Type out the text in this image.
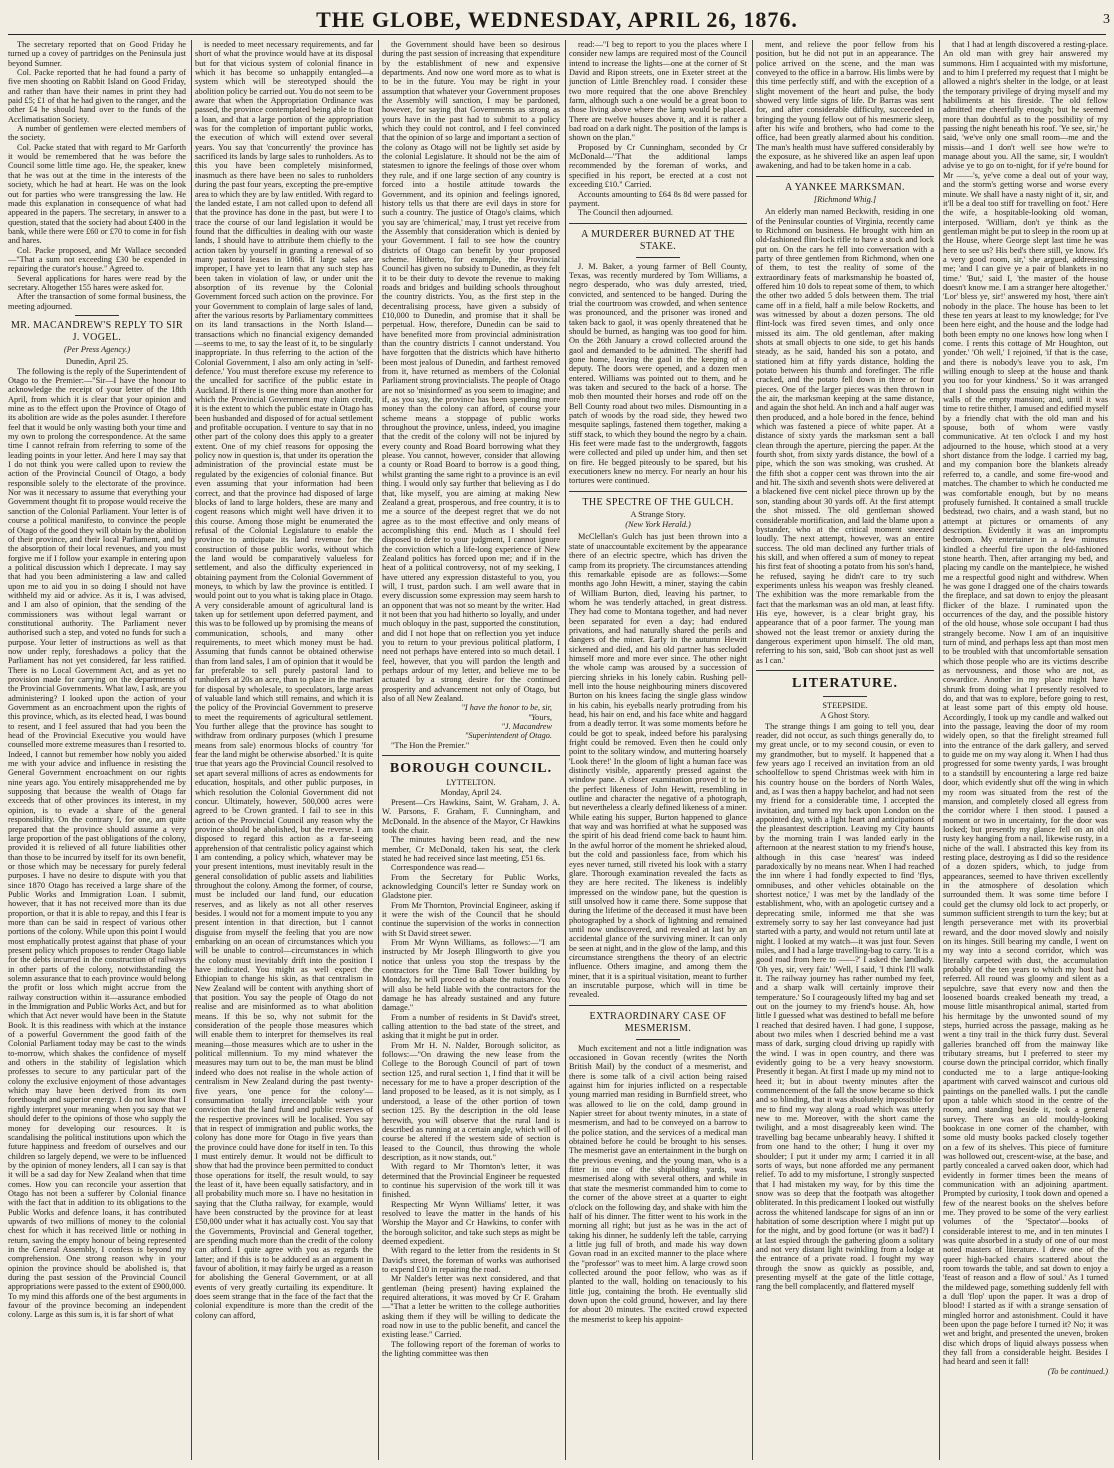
THE GLOBE, WEDNESDAY, APRIL 26, 1876.	3

The secretary reported that on Good Friday he turned up a covey of partridges on the Peninsula just beyond Sumner.

Col. Packe reported that he had found a party of five men shooting on Rabbit Island on Good Friday, and rather than have their names in print they had paid £5; £1 of that he had given to the ranger, and the other £4 he should hand over to the funds of the Acclimatisation Society.

A number of gentlemen were elected members of the society.

Col. Packe stated that with regard to Mr Garforth it would be remembered that he was before the Council some little time ago. He, the speaker, knew that he was out at the time in the interests of the society, which he had at heart. He was on the look out for parties who were transgressing the law. He made this explanation in consequence of what had appeared in the papers. The secretary, in answer to a question, stated that the society had about £400 in the bank, while there were £60 or £70 to come in for fish and hares.

Col. Packe proposed, and Mr Wallace seconded—"That a sum not exceeding £30 be expended in repairing the curator's house." Agreed to.

Several applications for hares were read by the secretary. Altogether 155 hares were asked for.

After the transaction of some formal business, the meeting adjourned.

MR. MACANDREW'S REPLY TO SIR J. VOGEL.

(Per Press Agency.)

Dunedin, April 25.

The following is the reply of the Superintendent of Otago to the Premier:—"Sir—I have the honour to acknowledge the receipt of your letter of the 18th April, from which it is clear that your opinion and mine as to the effect upon the Province of Otago of its abolition are wide as the poles asunder. I therefore feel that it would be only wasting both your time and my own to prolong the correspondence. At the same time I cannot refrain from referring to some of the leading points in your letter. And here I may say that I do not think you were called upon to review the action of the Provincial Council of Otago, a body responsible solely to the electorate of the province. Nor was it necessary to assume that everything your Government thought fit to propose would receive the sanction of the Colonial Parliament. Your letter is of course a political manifesto, to convince the people of Otago of the good they will obtain by the abolition of their province, and their local Parliament, and by the absorption of their local revenues, and you must forgive me if I follow your example in entering upon a political discussion which I deprecate. I may say that had you been administering a law and called upon me to aid you in so doing I should not have withheld my aid or advice. As it is, I was advised, and I am also of opinion, that the sending of the commissioners was without legal warrant or constitutional authority. The Parliament never authorised such a step, and voted no funds for such a purpose. Your letter of instructions as well as that now under reply, foreshadows a policy that the Parliament has not yet considered, far less ratified. There is no Local Government Act, and as yet no provision made for carrying on the departments of the Provincial Governments. What law, I ask, are you administering? I looked upon the action of your Government as an encroachment upon the rights of this province, which, as its elected head, I was bound to resent, and I feel assured that had you been the head of the Provincial Executive you would have counselled more extreme measures than I resorted to. Indeed, I cannot but remember how nobly you aided me with your advice and influence in resisting the General Government encroachment on our rights nine years ago. You entirely misapprehended me by supposing that because the wealth of Otago far exceeds that of other provinces its interest, in my opinion, is to evade a share of the general responsibility. On the contrary I, for one, am quite prepared that the province should assume a very large proportion of the past obligations of the colony, provided it is relieved of all future liabilities other than those to be incurred by itself for its own benefit, or those which may be necessary for purely federal purposes. I have no desire to dispute with you that since 1870 Otago has received a large share of the Public Works and Immigration Loan. I submit, however, that it has not received more than its due proportion, or that it is able to repay, and this I fear is more than can be said in respect of various other portions of the colony. While upon this point I would most emphatically protest against that phase of your present policy which proposes to render Otago liable for the debts incurred in the construction of railways in other parts of the colony, notwithstanding the solemn assurance that to each province would belong the profit or loss which might accrue from the railway construction within it—assurance embodied in the Immigration and Public Works Act, and but for which that Act never would have been in the Statute Book. It is this readiness with which at the instance of a powerful Government the good faith of the Colonial Parliament today may be cast to the winds to-morrow, which shakes the confidence of myself and others in the stability of legislation which professes to secure to any particular part of the colony the exclusive enjoyment of those advantages which may have been derived from its own forethought and superior energy. I do not know that I rightly interpret your meaning when you say that we should defer to the opinions of those who supply the money for developing our resources. It is scandalising the political institutions upon which the future happiness and freedom of ourselves and our children so largely depend, we were to be influenced by the opinion of money lenders, all I can say is that it will be a sad day for New Zealand when that time comes. How you can reconcile your assertion that Otago has not been a sufferer by Colonial finance with the fact that in addition to its obligations to the Public Works and defence loans, it has contributed upwards of two millions of money to the colonial chest for which it has received little or nothing in return, saving the empty honour of being represented in the General Assembly, I confess is beyond my comprehension. One strong reason why in your opinion the province should be abolished is, that during the past session of the Provincial Council appropriations were passed to the extent of £900,000. To my mind this affords one of the best arguments in favour of the province becoming an independent colony. Large as this sum is, it is far short of what

is needed to meet necessary requirements, and far short of what the province would have at its disposal but for that vicious system of colonial finance in which it has become so unhappily entangled—a system which will be stereotyped should the abolition policy be carried out. You do not seem to be aware that when the Appropriation Ordinance was passed, the province contemplated being able to float a loan, and that a large portion of the appropriation was for the completion of important public works, the execution of which will extend over several years. You say that 'concurrently' the province has sacrificed its lands by large sales to runholders. As to this you have been completely misinformed, inasmuch as there have been no sales to runholders during the past four years, excepting the pre-emptive area to which they are by law entitled. With regard to the landed estate, I am not called upon to defend all that the province has done in the past, but were I to trace the course of our land legislation it would be found that the difficulties in dealing with our waste lands, I should have to attribute them chiefly to the action taken by yourself in granting a renewal of so many pastoral leases in 1866. If large sales are improper, I have yet to learn that any such step has been taken in violation of law, or under unit the absorption of its revenue by the Colonial Government forced such action on the province. For your Government to complain of large sales of land, after the various resorts by Parliamentary committees on its land transactions in the North Island—transactions which no financial exigency demanded—seems to me, to say the least of it, to be singularly inappropriate. In thus referring to the action of the Colonial Government, I also am only acting in 'self-defence.' You must therefore excuse my reference to the uncalled for sacrifice of the public estate in Auckland. If there is one thing more than another for which the Provincial Government may claim credit, it is the extent to which the public estate in Otago has been husbanded and disposed of for actual settlement and profitable occupation. I venture to say that in no other part of the colony does this apply to a greater extent. One of my chief reasons for opposing the policy now in question is, that under its operation the administration of the provincial estate must be regulated by the exigencies of colonial finance. But even assuming that your information had been correct, and that the province had disposed of large blocks of land to large holders, these are many and cogent reasons which might well have driven it to this course. Among those might be enumerated the refusal of the Colonial Legislature to enable the province to anticipate its land revenue for the construction of those public works, without which the land would be comparatively valueless for settlement, and also the difficulty experienced in obtaining payment from the Colonial Government of moneys, to which by law the province is entitled. I would point out to you what is taking place in Otago. A very considerable amount of agricultural land is taken up for settlement upon deferred payment, and this was to be followed up by promising the means of communication, schools, and many other requirements, to meet which money must be had. Assuming that funds cannot be obtained otherwise than from land sales, I am of opinion that it would be far preferable to sell purely pastoral land to runholders at 20s an acre, than to place in the market for disposal by wholesale, to speculators, large areas of valuable land which still remains, and which it is the policy of the Provincial Government to preserve to meet the requirements of agricultural settlement. You further allege that the province has sought to withdraw from ordinary purposes (which I presume means from sale) enormous blocks of country 'for fear the land might be otherwise absorbed.' It is quite true that years ago the Provincial Council resolved to set apart several millions of acres as endowments for education, hospitals, and other public purposes, in which resolution the Colonial Government did not concur. Ultimately, however, 500,000 acres were agreed to be Crown granted. I fail to see in this action of the Provincial Council any reason why the province should be abolished, but the reverse. I am disposed to regard this action as a far-seeing apprehension of that centralistic policy against which I am contending, a policy which, whatever may be your present intentions, must inevitably result in the general consolidation of public assets and liabilities throughout the colony. Among the former, of course, must be included our land fund, our education reserves, and as likely as not all other reserves besides. I would not for a moment impute to you any present intention in that direction, but I cannot disguise from myself the feeling that you are now embarking on an ocean of circumstances which you will be unable to control—circumstances in which the colony must inevitably drift into the position I have indicated. You might as well expect the Ethiopian to change his skin, as that centralism in New Zealand will be content with anything short of that position. You say the people of Otago do not realise and are misinformed as to what abolition means. If this be so, why not submit for the consideration of the people those measures which will enable them to interpret for themselves its real meaning—those measures which are to usher in the political millennium. To my mind whatever the measures may turn out to be, the man must be blind indeed who does not realise in the whole action of centralism in New Zealand during the past twenty-five years, 'one pence for the colony'—consummation totally irreconcilable with your conviction that the land fund and public reserves of the respective provinces will be localised. You say that in respect of immigration and public works, the colony has done more for Otago in five years than the province could have done for itself in ten. To this I must entirely demur. It would not be difficult to show that had the province been permitted to conduct those operations for itself, the result would, to say the least of it, have been equally satisfactory, and in all probability much more so. I have no hesitation in saying that the Clutha railway, for example, would have been constructed by the province for at least £50,000 under what it has actually cost. You say that the Governments, Provincial and General together, are spending much more than the credit of the colony can afford. I quite agree with you as regards the latter; and if this is to be adduced as an argument in favour of abolition, it may fairly be urged as a reason for abolishing the General Government, or at all events of very greatly curtailing its expenditure. It does seem strange that in the face of the fact that the colonial expenditure is more than the credit of the colony can afford,

the Government should have been so desirous during the past session of increasing that expenditure by the establishment of new and expensive departments. And now one word more as to what is to be in the future. You may be right in your assumption that whatever your Government proposes the Assembly will sanction, I may be pardoned, however, for saying that Governments as strong as yours have in the past had to submit to a policy which they could not control, and I feel convinced that the opinion of so large and important a section of the colony as Otago will not be lightly set aside by the colonial Legislature. It should not be the aim of statesmen to ignore the feelings of those over whom they rule, and if one large section of any country is forced into a hostile attitude towards the Government, and its opinion and feelings ignored, history tells us that there are evil days in store for such a country. The justice of Otago's claims, which you say are 'chimerical,' may, I trust yet receive from the Assembly that consideration which is denied by your Government. I fail to see how the country districts of Otago can benefit by your proposed scheme. Hitherto, for example, the Provincial Council has given no subsidy to Dunedin, as they felt it to be their duty to devote the revenue to making roads and bridges and building schools throughout the country districts. You, as the first step in the decentralising process, have given a subsidy of £10,000 to Dunedin, and promise that it shall be perpetual. How, therefore, Dunedin can be said to have benefited more from provincial administration than the country districts I cannot understand. You have forgotten that the districts which have hitherto been most jealous of Dunedin, and farthest removed from it, have returned as members of the Colonial Parliament strong provincialists. The people of Otago are not so 'misinformed' as you seem to imagine; and if, as you say, the province has been spending more money than the colony can afford, of course your scheme means a stoppage of public works throughout the province, unless, indeed, you imagine that the credit of the colony will not be injured by every county and Road Board borrowing what they please. You cannot, however, consider that allowing a county or Road Board to borrow is a good thing, whilst granting the same right to a province is an evil thing. I would only say further that believing as I do that, like myself, you are aiming at making New Zealand a great, prosperous, and free country, it is to me a source of the deepest regret that we do not agree as to the most effective and only means of accomplishing this end. Much as I should feel disposed to defer to your judgment, I cannot ignore the conviction which a life-long experience of New Zealand politics has forced upon me; and if in the heat of a political controversy, not of my seeking, I have uttered any expression distasteful to you, you will, I trust, pardon such. I am well aware that in every discussion some expression may seem harsh to an opponent that was not so meant by the writer. Had it not been that you had hitherto so loyally, and under much obloquy in the past, supported the constitution, and did I not hope that on reflection you yet induce you to return to your previous political platform, I need not perhaps have entered into so much detail. I feel, however, that you will pardon the length and perhaps ardour of my letter, and believe me to be actuated by a strong desire for the continued prosperity and advancement not only of Otago, but also of all New Zealand.

"I have the honor to be, sir,

"Yours,

"J. Macandrew

"Superintendent of Otago.

"The Hon the Premier."

BOROUGH COUNCIL.

LYTTELTON.

Monday, April 24.

Present—Crs Hawkins, Saint, W. Graham, J. A. W. Parsons, F. Graham, F. Cunningham, and McDonald. In the absence of the Mayor, Cr Hawkins took the chair.

The minutes having been read, and the new member, Cr McDonald, taken his seat, the clerk stated he had received since last meeting, £51 6s.

Correspondence was read—

From the Secretary for Public Works, acknowledging Council's letter re Sunday work on Gladstone pier.

From Mr Thornton, Provincial Engineer, asking if it were the wish of the Council that he should continue the supervision of the works in connection with St David street sewer.

From Mr Wynn Williams, as follows:—"I am instructed by Mr Joseph Illingworth to give you notice that unless you stop the trespass by the contractors for the Time Ball Tower building by Monday, he will proceed to abate the nuisance. You will also be held liable with the contractors for the damage he has already sustained and any future damage."

From a number of residents in St David's street, calling attention to the bad state of the street, and asking that it might be put in order.

From Mr H. N. Nalder, Borough solicitor, as follows:—"On drawing the new lease from the College to the Borough Council of part of town section 125, and rural section 1, I find that it will be necessary for me to have a proper description of the land proposed to be leased, as it is not simply, as I understood, a lease of the other portion of town section 125. By the description in the old lease herewith, you will observe that the rural land is described as running at a certain angle, which will of course be altered if the western side of section is leased to the Council, thus throwing the whole description, as it now stands, out."

With regard to Mr Thornton's letter, it was determined that the Provincial Engineer be requested to continue his supervision of the work till it was finished.

Respecting Mr Wynn Williams' letter, it was resolved to leave the matter in the hands of his Worship the Mayor and Cr Hawkins, to confer with the borough solicitor, and take such steps as might be deemed expedient.

With regard to the letter from the residents in St David's street, the foreman of works was authorised to expend £10 in repairing the road.

Mr Nalder's letter was next considered, and that gentleman (being present) having explained the required alterations, it was moved by Cr F. Graham—"That a letter be written to the college authorities asking them if they will be willing to dedicate the road now in use to the public benefit, and cancel the existing lease." Carried.

The following report of the foreman of works to the lighting committee was then

read:—"I beg to report to you the places where I consider new lamps are required most of the Council intend to increase the lights—one at the corner of St David and Ripon streets, one in Exeter street at the junction of Little Brenchley road. I consider these two more required that the one above Brenchley farm, although such a one would be a great boon to those living above where the lamp would be placed. There are twelve houses above it, and it is rather a bad road on a dark night. The position of the lamps is shown on the plan."

Proposed by Cr Cunningham, seconded by Cr McDonald—"That the additional lamps recommended by the foreman of works, and specified in his report, be erected at a cost not exceeding £10." Carried.

Accounts amounting to £64 8s 8d were passed for payment.

The Council then adjourned.

A MURDERER BURNED AT THE STAKE.

J. M. Baker, a young farmer of Bell County, Texas, was recently murdered by Tom Williams, a negro desperado, who was duly arrested, tried, convicted, and sentenced to be hanged. During the trial the courtroom was crowded, and when sentence was pronounced, and the prisoner was ironed and taken back to gaol, it was openly threatened that he should be burned, as hanging was too good for him. On the 26th January a crowd collected around the gaol and demanded to be admitted. The sheriff had gone home, leaving the gaol in the keeping of a deputy. The doors were opened, and a dozen men entered. Williams was pointed out to them, and he was taken and secured to the back of a horse. The mob then mounted their horses and rode off on the Bell County road about two miles. Dismounting in a patch of woods by the road side, they hewed two mesquite saplings, fastened them together, making a stiff stack, to which they bound the negro by a chain. His feet were made fast to the undergrowth, faggots were collected and piled up under him, and then set on fire. He begged piteously to be spared, but his executioners knew no mercy. For nearly an hour his tortures were continued.

THE SPECTRE OF THE GULCH.

A Strange Story.

(New York Herald.)

McClellan's Gulch has just been thrown into a state of unaccountable excitement by the appearance there of an electric spectre, which has driven the camp from its propriety. The circumstances attending this remarkable episode are as follows:—Some months ago John Hewitt, a miner, staying the cabin of William Burton, died, leaving his partner, to whom he was tenderly attached, in great distress. They had come to Montana together, and had never been separated for even a day; had endured privations, and had naturally shared the perils and dangers of the miner. Early in the autumn Hewitt sickened and died, and his old partner has secluded himself more and more ever since. The other night the whole camp was aroused by a succession of piercing shrieks in his lonely cabin. Rushing pell-mell into the house neighbouring miners discovered Burton on his knees facing the single glass window in his cabin, his eyeballs nearly protruding from his head, his hair on end, and his face white and haggard from a deadly terror. It was some moments before he could be got to speak, indeed before his paralysing fright could be removed. Even then he could only point to the solitary window, and muttering hoarsely 'Look there!' In the gloom of light a human face was distinctly visible, apparently pressed against the window pane. A closer examination proved it to be the perfect likeness of John Hewitt, resembling in outline and character the negative of a photograph, but nevertheless a clearly defined likeness of a miner. While eating his supper, Burton happened to glance that way and was horrified at what he supposed was the spirit of his dead friend come back to haunt him. In the awful horror of the moment he shrieked aloud, but the cold and passionless face, from which his eyes never turned, still riveted his look with a starry glare. Thorough examination revealed the facts as they are here recited. The likeness is indelibly impressed on the window pane, but the question is still unsolved how it came there. Some suppose that during the lifetime of the deceased it must have been photographed by a shock of lightning and remained until now undiscovered, and revealed at last by an accidental glance of the surviving miner. It can only be seen at night, and in the glow of the lamp, and this circumstance strengthens the theory of an electric influence. Others imagine, and among them the miner, that it is a spiritual visitation, meant to further an inscrutable purpose, which will in time be revealed.

EXTRAORDINARY CASE OF MESMERISM.

Much excitement and not a little indignation was occasioned in Govan recently (writes the North British Mail) by the conduct of a mesmerist, and there is some talk of a civil action being raised against him for injuries inflicted on a respectable young married man residing in Burnfield street, who was allowed to lie on the cold, damp ground in Napier street for about twenty minutes, in a state of mesmerism, and had to be conveyed on a barrow to the police station, and the services of a medical man obtained before he could be brought to his senses. The mesmerist gave an entertainment in the burgh on the previous evening, and the young man, who is a fitter in one of the shipbuilding yards, was mesmerised along with several others, and while in that state the mesmerist commanded him to come to the corner of the above street at a quarter to eight o'clock on the following day, and shake with him the half of his dinner. The fitter went to his work in the morning all right; but just as he was in the act of taking his dinner, he suddenly left the table, carrying a little jug full of broth, and made his way down Govan road in an excited manner to the place where the "professor" was to meet him. A large crowd soon collected around the poor fellow, who was as if planted to the wall, holding on tenaciously to his little jug, containing the broth. He eventually slid down upon the cold ground, however, and lay there for about 20 minutes. The excited crowd expected the mesmerist to keep his appoint-

ment, and relieve the poor fellow from his position, but he did not put in an appearance. The police arrived on the scene, and the man was conveyed to the office in a barrow. His limbs were by this time perfectly stiff, and with the exception of a slight movement of the heart and pulse, the body showed very little signs of life. Dr Barras was sent for, and after considerable difficulty, succeeded in bringing the young fellow out of his mesmeric sleep, after his wife and brothers, who had come to the office, had been greatly alarmed about his condition. The man's health must have suffered considerably by the exposure, as he shivered like an aspen leaf upon awakening, and had to be taken home in a cab.

A YANKEE MARKSMAN.

[Richmond Whig.]

An elderly man named Beckwith, residing in one of the Peninsular counties of Virginia, recently came to Richmond on business. He brought with him an old-fashioned flint-lock rifle to have a stock and lock put on. On the cars he fell into conversation with a party of three gentlemen from Richmond, when one of them, to test the reality of some of the extraordinary feats of marksmanship he boasted of, offered him 10 dols to repeat some of them, to which the other two added 5 dols between them. The trial came off in a field, half a mile below Rocketts, and was witnessed by about a dozen persons. The old flint-lock was fired seven times, and only once missed its aim. The old gentleman, after making shots at small objects to one side, to get his hands steady, as he said, handed his son a potato, and stationed him at fifty yards distance, holding the potato between his thumb and forefinger. The rifle cracked, and the potato fell down in three or four pieces. One of the larger pieces was then thrown in the air, the marksman keeping at the same distance, and again the shot held. An inch and a half auger was then produced, and a hole bored in the fence, behind which was fastened a piece of white paper. At a distance of sixty yards the marksman sent a ball clean through the aperture, piercing the paper. At the fourth shot, from sixty yards distance, the bowl of a pipe, which the son was smoking, was crushed. At the fifth shot a copper cent was thrown into the air and hit. The sixth and seventh shots were delivered at a blackened five cent nickel piece thrown up by the son, standing about 30 yards off. At the first attempt the shot missed. The old gentleman showed considerable mortification, and laid the blame upon a bystander, who at the critical moment sneezed loudly. The next attempt, however, was an entire success. The old man declined any further trials of his skill, and when offered a sum of money to repeat his first feat of shooting a potato from his son's hand, he refused, saying he didn't care to try such experiments unless his weapon was freshly cleaned. The exhibition was the more remarkable from the fact that the marksman was an old man, at least fifty. His eye, however, is a clear bright gray, his appearance that of a poor farmer. The young man showed not the least tremor or anxiety during the dangerous experiment upon himself. The old man, referring to his son, said, 'Bob can shoot just as well as I can.'

LITERATURE.

STEEPSIDE.

A Ghost Story.

The strange things I am going to tell you, dear reader, did not occur, as such things generally do, to my great uncle, or to my second cousin, or even to my grandmother, but to myself. It happened that a few years ago I received an invitation from an old schoolfellow to spend Christmas week with him in his country house on the borders of North Wales, and, as I was then a happy bachelor, and had not seen my friend for a considerable time, I accepted the invitation, and turned my back upon London on the appointed day, with a light heart and anticipations of the pleasantest description. Leaving my City haunts by the morning train I was landed early in the afternoon at the nearest station to my friend's house, although in this case 'nearest' was indeed paradoxically by no means near. When I had reached the inn where I had fondly expected to find 'flys, omnibuses, and other vehicles obtainable on the shortest notice,' I was met by the landlady of the establishment, who, with an apologetic curtsey and a deprecating smile, informed me that she was extremely sorry to say her last conveyance had just started with a party, and would not return until late at night. I looked at my watch—it was just four. Seven miles, and I had a large travelling-bag to carry. 'It is a good road from here to ——?' I asked the landlady. 'Oh yes, sir, very fair.' 'Well, I said, 'I think I'll walk it. The railway journey has rather numbed my feet, and a sharp walk will certainly improve their temperature.' So I courageously lifted my bag and set out on the journey to my friend's house. Ah, how little I guessed what was destined to befall me before I reached that desired haven. I had gone, I suppose, about two miles when I descried behind me a vast mass of dark, surging cloud driving up rapidly with the wind. I was in open country, and there was evidently going to be a very heavy snowstorm. Presently it began. At first I made up my mind not to heed it; but in about twenty minutes after the commencement of the fall the snow became so thick and so blinding, that it was absolutely impossible for me to find my way along a road which was utterly new to me. Moreover, with the short came the twilight, and a most disagreeably keen wind. The travelling bag became unbearably heavy. I shifted it from one hand to the other; I hung it over my shoulder; I put it under my arm; I carried it in all sorts of ways, but none afforded me any permanent relief. To add to my misfortune, I strongly suspected that I had mistaken my way, for by this time the snow was so deep that the footpath was altogether obliterated. In this predicament I looked out wistfully across the whitened landscape for signs of an inn or habitation of some description where I might put up for the night, and by good fortune (or was it bad?) I at last espied through the gathering gloom a solitary and not very distant light twinkling from a lodge at the entrance of a private road. I fought my way through the snow as quickly as possible, and, presenting myself at the gate of the little cottage, rang the bell complacently, and flattered myself

that I had at length discovered a resting-place. An old man with grey hair answered my summons. Him I acquainted with my misfortune, and to him I preferred my request that I might be allowed a night's shelter in the lodge, or at least the temporary privilege of drying myself and my habiliments at his fireside. The old fellow admitted me cheerfully enough; but he seemed more than doubtful as to the possibility of my passing the night beneath his roof. 'Ye see, sir,' he said, 'we've only one small room—me and the missis—and I don't well see how we're to manage about you. All the same, sir, I wouldn't advise ye to go on to-night, for if ye're bound for Mr ——'s, ye've come a deal out of your way, and the storm's getting worse and worse every minute. We shall have a nasty night of it, sir, and it'll be a deal too stiff for travelling on foot.' Here the wife, a hospitable-looking old woman, interposed. 'William, don't ye think as the gentleman might be put to sleep in the room up at the House, where George slept last time he was here to see us? His bed's there still, ye know. It's a very good room, sir,' she argued, addressing me; 'and I can give ye a pair of blankets in no time.' 'But,' said I, 'the master of the house doesn't know me. I am a stranger here altogether.' 'Lor' bless ye, sir!' answered my host, 'there ain't nobody in the place. The house has been to let these ten years at least to my knowledge; for I've been here eight, and the house and the lodge had both been empty no one knows how long when I come. I rents this cottage of Mr Houghton, out yonder.' 'Oh well,' I rejoined, 'if that is the case, and there is nobody's leave you to ask, I'm willing enough to sleep at the house and thank you too for your kindness.' So it was arranged that I should pass the ensuing night within the walls of the empty mansion; and, until it was time to retire thither, I amused and edified myself by a friendly chat with the old man and his spouse, both of whom were vastly communicative. At ten o'clock I and my host adjourned to the house, which stood at a very short distance from the lodge. I carried my bag, and my companion bore the blankets already referred to, a candle, and some fire-wood and matches. The chamber to which he conducted me was comfortable enough, but by no means profusely furnished. It contained a small truckle bedstead, two chairs, and a wash stand, but no attempt at pictures or ornaments of any description. Evidently it was an impromptu bedroom. My entertainer in a few minutes kindled a cheerful fire upon the old-fashioned stone hearth. Then, after arranging my bed, and placing my candle on the mantelpiece, he wished me a respectful good night and withdrew. When he was gone I dragged one of the chairs towards the fireplace, and sat down to enjoy the pleasant flicker of the blaze. I ruminated upon the occurrences of the day, and the possible history of the old house, whose sole occupant I had thus strangely become. Now I am of an inquisitive turn of mind, and perhaps less apt than most men to be troubled with that uncomfortable sensation which those people who are its victims describe as nervousness, and those who are not, as cowardice. Another in my place might have shrunk from doing what I presently resolved to do, and that was to explore, before going to rest, at least some part of this empty old house. Accordingly, I took up my candle and walked out into the passage, leaving the door of my room widely open, so that the firelight streamed full into the entrance of the dark gallery, and served to guide me on my way along it. When I had thus progressed for some twenty yards, I was brought to a standstill by encountering a large red baize door, which evidently shut off the wing in which my room was situated from the rest of the mansion, and completely closed all egress from the corridor where I then stood. I paused a moment or two in uncertainty, for the door was locked; but presently my glance fell on an old rusty key hanging from a nail, likewise rusty, in a niche of the wall. I abstracted this key from its resting place, destroying as I did so the residence of a dozen spiders, which, to judge from appearances, seemed to have thriven excellently in the atmosphere of desolation which surrounded them. It was some time before I could get the clumsy old lock to act properly, or summon sufficient strength to turn the key; but at length perseverance met with its proverbial reward, and the door moved slowly and noisily on its hinges. Still bearing my candle, I went on my way into a second corridor, which was literally carpeted with dust, the accumulation probably of the ten years to which my host had referred. All round was gloomy and silent as a sepulchre, save that every now and then the loosened boards creaked beneath my tread, a mouse little misanthropical animal, started from his hermitage by the unwonted sound of my steps, hurried across the passage, making as he went a tiny trail in the thick furry dust. Several galleries branched off from the mainway like tributary streams, but I preferred to steer my course down the principal corridor, which finally conducted me to a large antique-looking apartment with carved wainscot and curious old paintings on the panelled walls. I put the candle upon a table which stood in the centre of the room, and standing beside it, took a general survey. There was an old mouldy-looking bookcase in one corner of the chamber, with some old musty books packed closely together on a few of its shelves. This piece of furniture was hollowed out, crescent-wise, at the base, and partly concealed a carved oaken door, which had evidently in former times been the means of communication with an adjoining apartment. Prompted by curiosity, I took down and opened a few of the nearest books on the shelves before me. They proved to be some of the very earliest volumes of the 'Spectator'—books of considerable interest to me, and in ten minutes I was quite absorbed in a study of one of our most noted masters of literature. I drew one of the queer high-backed chairs scattered about the room towards the table, and sat down to enjoy a 'feast of reason and a flow of soul.' As I turned the mildewed page, something suddenly fell with a dull 'flop' upon the paper. It was a drop of blood! I started as if with a strange sensation of mingled horror and astonishment. Could it have been upon the page before I turned it? No; it was wet and bright, and presented the uneven, broken disc which drops of liquid always possess when they fall from a considerable height. Besides I had heard and seen it fall!

(To be continued.)
